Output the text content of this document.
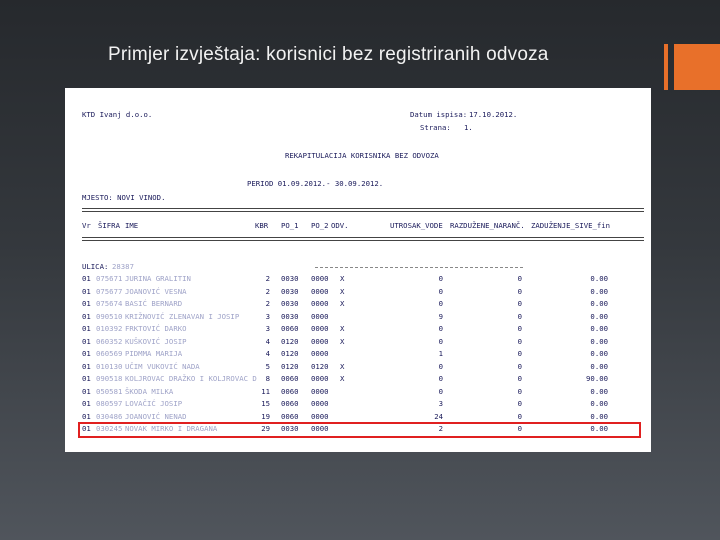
Primjer izvještaja: korisnici bez registriranih odvoza
KTD Ivanj d.o.o.	Datum ispisa: 17.10.2012.
Strana: 1.
REKAPITULACIJA KORISNIKA BEZ ODVOZA
PERIOD 01.09.2012.- 30.09.2012.
MJESTO: NOVI VINOD.
Vr ŠIFRA IME	KBR PO_1 PO_2 ODV.	UTROSAK_VODE RAZDUŽENE_NARANČ. ZADUŽENJE_SIVE_fin
ULICA: 28387
01 075671 JURINA GRALITIN	2 0030 0000 X	0	0	0.00
01 075677 JOANOVIĆ VESNA	2 0030 0000 X	0	0	0.00
01 075674 BASIĆ BERNARD	2 0030 0000 X	0	0	0.00
01 090510 KRIŽNOVIĆ ZLENAVAN I JOSIP	3 0030 0000	9	0	0.00
01 010392 FRKTOVIĆ DARKO	3 0060 0000 X	0	0	0.00
01 060352 KUŠKOVIĆ JOSIP	4 0120 0000 X	0	0	0.00
01 060569 PIDMMA MARIJA	4 0120 0000	1	0	0.00
01 010130 UČIM VUKOVIĆ NADA	5 0120 0120 X	0	0	0.00
01 090518 KOLJROVAC DRAŽKO I KOLJROVAC D 8 0060 0000 X	0	0	90.00
01 050581 ŠKODA MILKA	11 0060 0000	0	0	0.00
01 080597 LOVAČIĆ JOSIP	15 0060 0000	3	0	0.00
01 030486 JOANOVIĆ NENAD	19 0060 0000	24	0	0.00
01 030245 NOVAK MIRKO I DRAGANA	29 0030 0000	2	0	0.00
